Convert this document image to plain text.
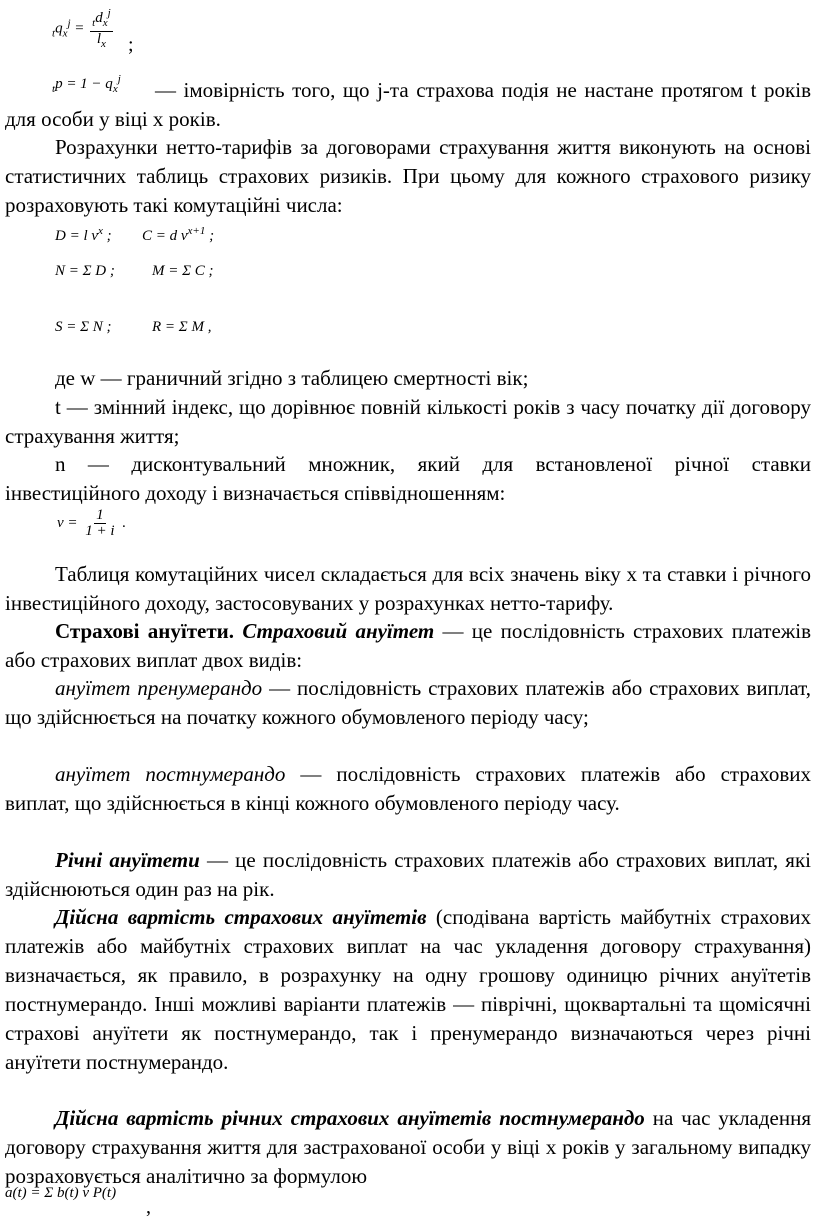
$_tq_x^j = \frac{_td_x^j}{l_x}$ ;
$_tp = 1 - q_x^j$	— імовірність того, що j-та страхова подія не настане протягом t років для особи у віці x років.

Розрахунки нетто-тарифів за договорами страхування життя виконують на основі статистичних таблиць страхових ризиків. При цьому для кожного страхового ризику розраховують такі комутаційні числа:

D = l $v^x$ ; C = d $v^{x+1}$ ;
N = Σ D ; M = Σ C ;
S = Σ N ;	R = Σ M ,

де w — граничний згідно з таблицею смертності вік;

t — змінний індекс, що дорівнює повній кількості років з часу початку дії договору страхування життя;

n — дисконтувальний множник, який для встановленої річної ставки інвестиційного доходу i визначається співвідношенням:

$v = \frac{1}{1 + i}$ .

Таблиця комутаційних чисел складається для всіх значень віку x та ставки i річного інвестиційного доходу, застосовуваних у розрахунках нетто-тарифу.

Страхові ануїтети. Страховий ануїтет — це послідовність страхових платежів або страхових виплат двох видів:

ануїтет пренумерандо — послідовність страхових платежів або страхових виплат, що здійснюється на початку кожного обумовленого періоду часу;

ануїтет постнумерандо — послідовність страхових платежів або страхових виплат, що здійснюється в кінці кожного обумовленого періоду часу.

Річні ануїтети — це послідовність страхових платежів або страхових виплат, які здійснюються один раз на рік.

Дійсна вартість страхових ануїтетів (сподівана вартість майбутніх страхових платежів або майбутніх страхових виплат на час укладення договору страхування) визначається, як правило, в розрахунку на одну грошову одиницю річних ануїтетів постнумерандо. Інші можливі варіанти платежів — піврічні, щоквартальні та щомісячні страхові ануїтети як постнумерандо, так і пренумерандо визначаються через річні ануїтети постнумерандо.

Дійсна вартість річних страхових ануїтетів постнумерандо на час укладення договору страхування життя для застрахованої особи у віці x років у загальному випадку розраховується аналітично за формулою

a(t) = Σ b(t) v P(t)
,
